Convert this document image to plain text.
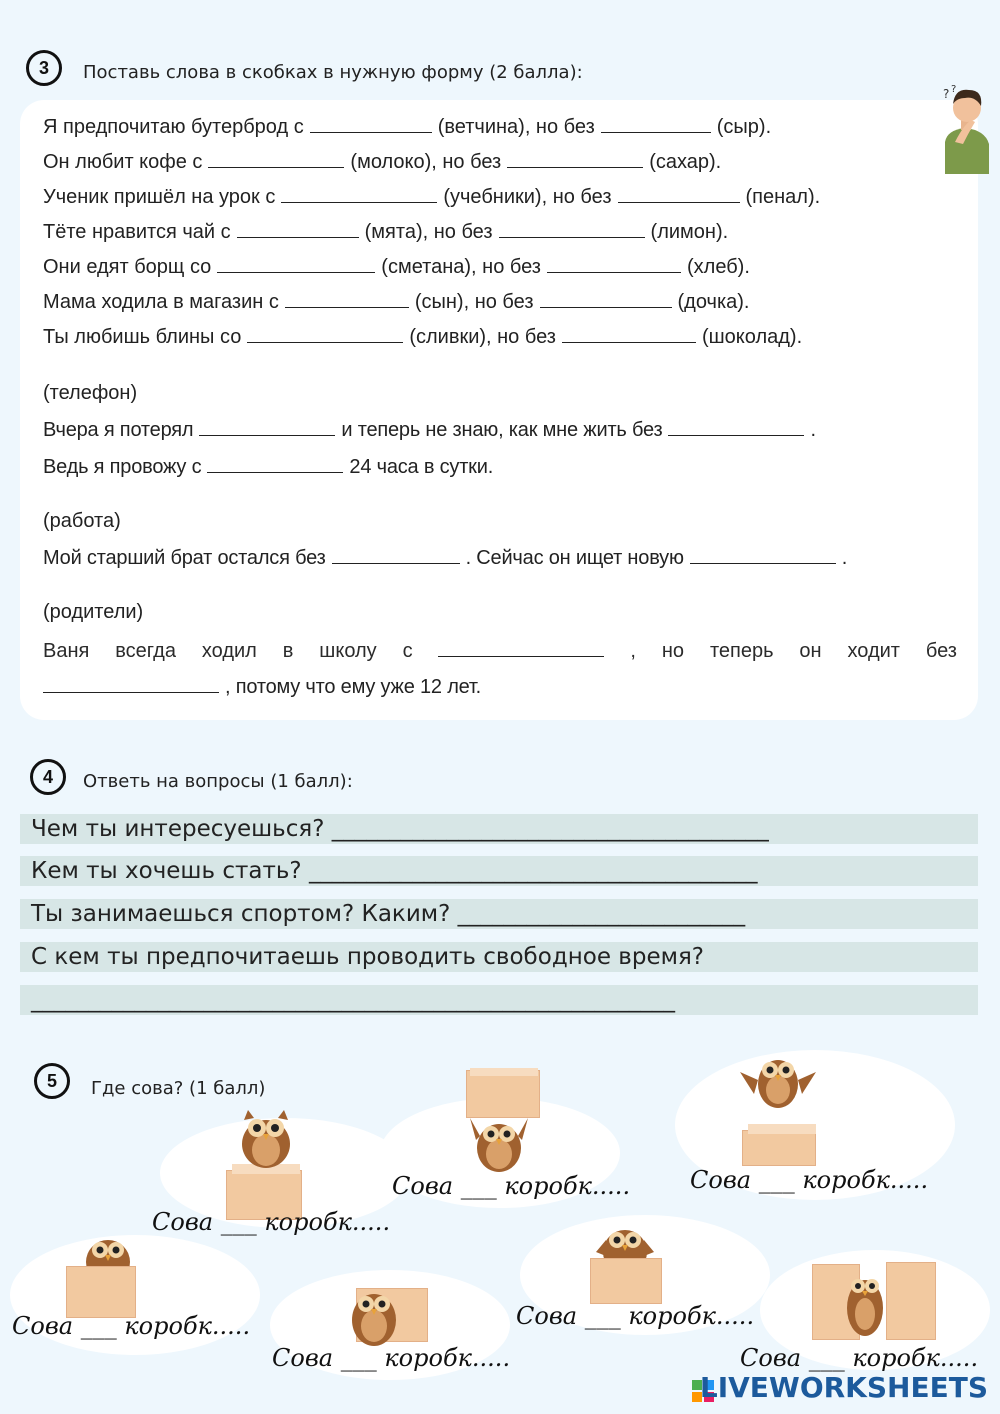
3	Поставь слова в скобках в нужную форму (2 балла):
? ?
Я предпочитаю бутерброд с	(ветчина), но без	(сыр).
Он любит кофе с	(молоко), но без	(сахар).
Ученик пришёл на урок с	(учебники), но без	(пенал).
Тёте нравится чай с	(мята), но без	(лимон).
Они едят борщ со	(сметана), но без	(хлеб).
Мама ходила в магазин с	(сын), но без	(дочка).
Ты любишь блины со	(сливки), но без	(шоколад).
(телефон)
Вчера я потерял	и теперь не знаю, как мне жить без	.
Ведь я провожу с	24 часа в сутки.
(работа)
Мой старший брат остался без	. Сейчас он ищет новую	.
(родители)
Ваня всегда ходил в школу с	, но теперь он ходит без
, потому что ему уже 12 лет.
4	Ответь на вопросы (1 балл):
Чем ты интересуешься? ______________________________________
Кем ты хочешь стать? _______________________________________
Ты занимаешься спортом? Каким? _________________________
С кем ты предпочитаешь проводить свободное время?
________________________________________________________
5	Где сова? (1 балл)
Сова ___ коробк.....
Сова ___ коробк..... Сова ___ коробк.....
Сова ___ коробк.....
Сова ___ коробк.....
Сова ___ коробк.....
Сова ___ коробк.....
LIVEWORKSHEETS
